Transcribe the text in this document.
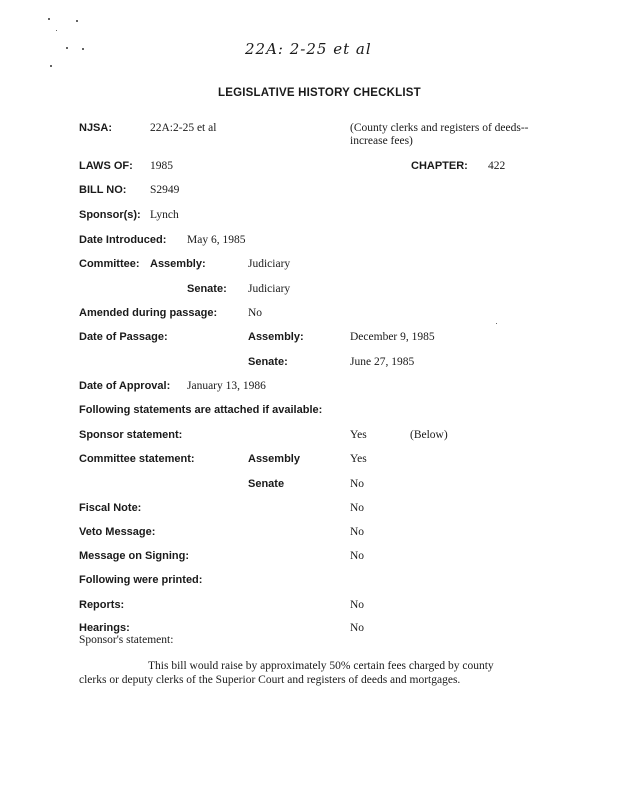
22A: 2-25 et al
LEGISLATIVE HISTORY CHECKLIST
NJSA:	22A:2-25 et al	(County clerks and registers of deeds--
increase fees)
LAWS OF: 1985	CHAPTER: 422
BILL NO: S2949
Sponsor(s): Lynch
Date Introduced: May 6, 1985
Committee: Assembly:	Judiciary
Senate: Judiciary
Amended during passage:	No
Date of Passage:	Assembly:	December 9, 1985
Senate:	June 27, 1985
Date of Approval: January 13, 1986
Following statements are attached if available:
Sponsor statement:	Yes	(Below)
Committee statement:	Assembly	Yes
Senate	No
Fiscal Note:	No
Veto Message:	No
Message on Signing:	No
Following were printed:
Reports:	No
Hearings:	No
Sponsor's statement:
This bill would raise by approximately 50% certain fees charged by county
clerks or deputy clerks of the Superior Court and registers of deeds and mortgages.
